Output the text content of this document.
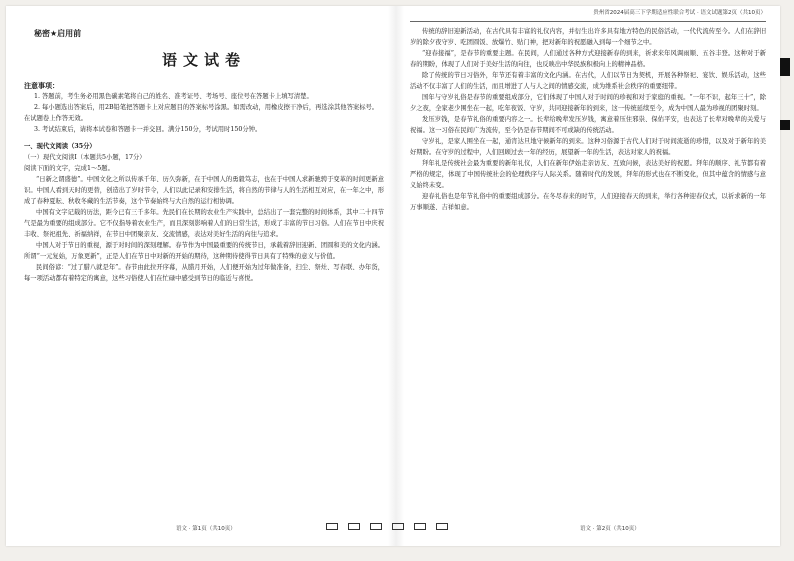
秘密★启用前
语文试卷
注意事项：

1. 答题前，考生务必用黑色碳素笔将自己的姓名、准考证号、考场号、座位号在答题卡上填写清楚。

2. 每小题选出答案后，用2B铅笔把答题卡上对应题目的答案标号涂黑。如需改动，用橡皮擦干净后，再选涂其他答案标号。在试题卷上作答无效。

3. 考试结束后，请将本试卷和答题卡一并交回。满分150分，考试用时150分钟。

一、现代文阅读（35分）
（一）现代文阅读Ⅰ（本题共5小题，17分）
阅读下面的文字，完成1～5题。

“日新之谓盛德”。中国文化之所以传承千年、历久弥新，在于中国人的勇毅笃志，也在于中国人求新驰骋于变革的时间更新意识。中国人看到天时的更替，创造出了岁时节令，人们以此记录和安排生活，将自然的节律与人的生活相互对应，在一年之中，形成了春种夏耘、秋收冬藏的生活节奏，这个节奏始终与大自然的运行相协调。

中国有文字记载的历法，距今已有三千多年。先民们在长期的农业生产实践中，总结出了一套完整的时间体系，其中二十四节气是最为重要的组成部分。它不仅指导着农业生产，而且深刻影响着人们的日常生活，形成了丰富的节日习俗。人们在节日中庆祝丰收、祭祀祖先、祈福纳祥，在节日中团聚亲友、交流情感，表达对美好生活的向往与追求。

中国人对于节日的重视，源于对时间的深刻理解。春节作为中国最重要的传统节日，承载着辞旧迎新、团圆和美的文化内涵。所谓“一元复始，万象更新”，正是人们在节日中对新的开始的期待，这种期待使得节日具有了特殊的意义与价值。

民间俗谚：“过了腊八就是年”。春节由此拉开序幕，从腊月开始，人们便开始为过年做准备，扫尘、祭灶、写春联、办年货，每一项活动都有着特定的寓意，这些习俗使人们在忙碌中感受到节日的临近与喜悦。

贵州省2024届高三下学期适应性联合考试 · 语文试题第2页（共10页）

传统的辞旧迎新活动，在古代具有丰富的礼仪内容，并衍生出许多具有地方特色的民俗活动，一代代流传至今。人们在辞旧岁的除夕夜守岁、吃团圆饭、放爆竹、贴门神，把对新年的祝愿融入到每一个细节之中。

“迎春接福”，是春节的重要主题。在民间，人们通过各种方式迎接新春的到来，祈求来年风调雨顺、五谷丰登。这种对于新春的期盼，体现了人们对于美好生活的向往，也反映出中华民族积极向上的精神品格。

除了传统的节日习俗外，年节还有着丰富的文化内涵。在古代，人们以节日为契机，开展各种祭祀、宴饮、娱乐活动，这些活动不仅丰富了人们的生活，而且增进了人与人之间的情感交流，成为维系社会秩序的重要纽带。

国年与守岁礼俗是春节的重要组成部分，它们体现了中国人对于时间的珍视和对于家庭的重视。“一年不识，起年三十”，除夕之夜，全家老少围坐在一起，吃年夜饭、守岁，共同迎接新年的到来，这一传统延续至今，成为中国人最为珍视的团聚时刻。

发压岁钱，是春节礼俗的重要内容之一。长辈给晚辈发压岁钱，寓意着压住邪祟、保佑平安，也表达了长辈对晚辈的关爱与祝福。这一习俗在民间广为流传，至今仍是春节期间不可或缺的传统活动。

守岁礼，是家人围坐在一起，通宵达旦地守候新年的到来。这种习俗源于古代人们对于时间流逝的珍惜，以及对于新年的美好期盼。在守岁的过程中，人们回顾过去一年的经历，展望新一年的生活，表达对家人的祝福。

拜年礼是传统社会最为重要的新年礼仪，人们在新年伊始走亲访友、互致问候，表达美好的祝愿。拜年的顺序、礼节都有着严格的规定，体现了中国传统社会的伦理秩序与人际关系。随着时代的发展，拜年的形式也在不断变化，但其中蕴含的情感与意义始终未变。

迎春礼俗也是年节礼俗中的重要组成部分。在冬尽春来的时节，人们迎接春天的到来，举行各种迎春仪式，以祈求新的一年万事顺遂、吉祥如意。

语文 · 第1页（共10页）	语文 · 第2页（共10页）
